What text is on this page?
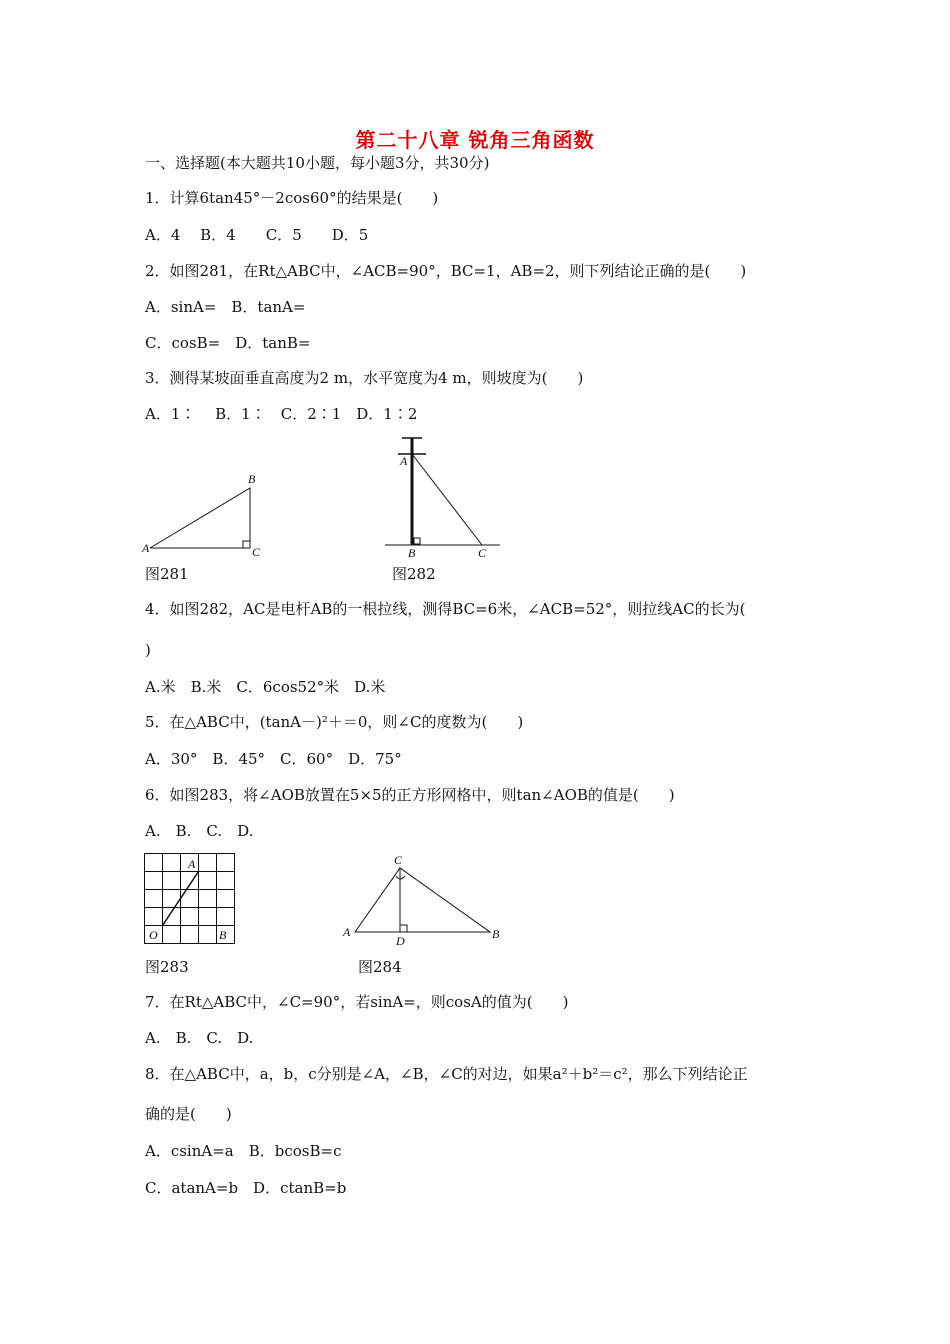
第二十八章 锐角三角函数
一、选择题(本大题共10小题，每小题3分，共30分)
1．计算6tan45°－2cos60°的结果是(　　)
A．4　 B．4　　C．5　　D．5
2．如图281，在Rt△ABC中，∠ACB=90°，BC=1，AB=2，则下列结论正确的是(　　)
A．sinA=　B．tanA=
C．cosB=　D．tanB=
3．测得某坡面垂直高度为2 m，水平宽度为4 m，则坡度为(　　)
A．1∶　 B．1∶　C．2∶1　D．1∶2
A
B
C
图281
A
B	C
图282
4．如图282，AC是电杆AB的一根拉线，测得BC=6米，∠ACB=52°，则拉线AC的长为(
)
A.米　B.米　C．6cos52°米　D.米
5．在△ABC中，(tanA－)²＋＝0，则∠C的度数为(　　)
A．30°　B．45°　C．60°　D．75°
6．如图283，将∠AOB放置在5×5的正方形网格中，则tan∠AOB的值是(　　)
A.　B.　C.　D.
A
O	B
图283
C
A	B
D
图284
7．在Rt△ABC中，∠C=90°，若sinA=，则cosA的值为(　　)
A.　B.　C.　D.
8．在△ABC中，a，b，c分别是∠A，∠B，∠C的对边，如果a²＋b²＝c²，那么下列结论正
确的是(　　)
A．csinA=a　B．bcosB=c
C．atanA=b　D．ctanB=b
